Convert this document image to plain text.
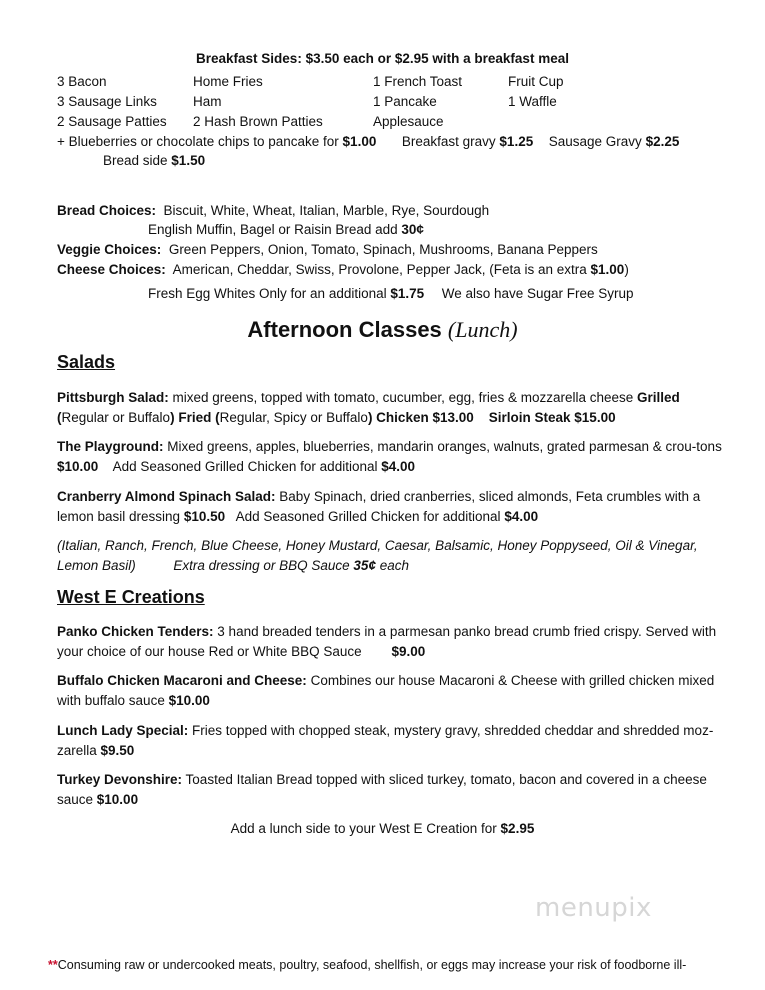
Breakfast Sides: $3.50 each or $2.95 with a breakfast meal
3 Bacon
3 Sausage Links
2 Sausage Patties
Home Fries
Ham
2 Hash Brown Patties
1 French Toast
1 Pancake
Applesauce
Fruit Cup
1 Waffle
+ Blueberries or chocolate chips to pancake for $1.00 Breakfast gravy $1.25 Sausage Gravy $2.25
Bread side $1.50
Bread Choices: Biscuit, White, Wheat, Italian, Marble, Rye, Sourdough
English Muffin, Bagel or Raisin Bread add 30¢
Veggie Choices: Green Peppers, Onion, Tomato, Spinach, Mushrooms, Banana Peppers
Cheese Choices: American, Cheddar, Swiss, Provolone, Pepper Jack, (Feta is an extra $1.00)
Fresh Egg Whites Only for an additional $1.75 We also have Sugar Free Syrup
Afternoon Classes (Lunch)
Salads
Pittsburgh Salad: mixed greens, topped with tomato, cucumber, egg, fries & mozzarella cheese Grilled (Regular or Buffalo) Fried (Regular, Spicy or Buffalo) Chicken $13.00 Sirloin Steak $15.00
The Playground: Mixed greens, apples, blueberries, mandarin oranges, walnuts, grated parmesan & crou-tons $10.00 Add Seasoned Grilled Chicken for additional $4.00
Cranberry Almond Spinach Salad: Baby Spinach, dried cranberries, sliced almonds, Feta crumbles with a lemon basil dressing $10.50 Add Seasoned Grilled Chicken for additional $4.00
(Italian, Ranch, French, Blue Cheese, Honey Mustard, Caesar, Balsamic, Honey Poppyseed, Oil & Vinegar, Lemon Basil)	Extra dressing or BBQ Sauce 35¢ each
West E Creations
Panko Chicken Tenders: 3 hand breaded tenders in a parmesan panko bread crumb fried crispy. Served with your choice of our house Red or White BBQ Sauce $9.00
Buffalo Chicken Macaroni and Cheese: Combines our house Macaroni & Cheese with grilled chicken mixed with buffalo sauce $10.00
Lunch Lady Special: Fries topped with chopped steak, mystery gravy, shredded cheddar and shredded moz-zarella $9.50
Turkey Devonshire: Toasted Italian Bread topped with sliced turkey, tomato, bacon and covered in a cheese sauce $10.00
Add a lunch side to your West E Creation for $2.95
menupix
**Consuming raw or undercooked meats, poultry, seafood, shellfish, or eggs may increase your risk of foodborne ill-
